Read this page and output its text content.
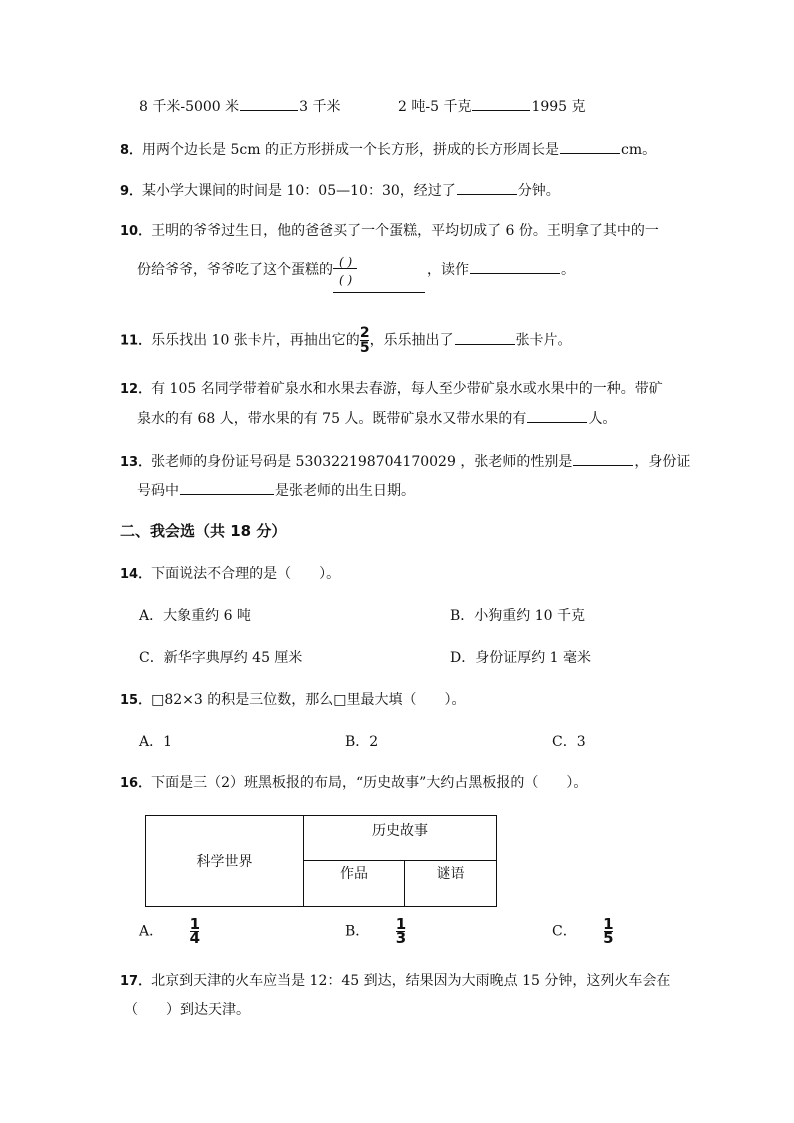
8 千米-5000 米	3 千米	2 吨-5 千克	1995 克
8．用两个边长是 5cm 的正方形拼成一个长方形，拼成的长方形周长是	cm。
9．某小学大课间的时间是 10：05—10：30，经过了	分钟。
10．王明的爷爷过生日，他的爸爸买了一个蛋糕，平均切成了 6 份。王明拿了其中的一
份给爷爷，爷爷吃了这个蛋糕的 ( )
( )
，读作	。
11．乐乐找出 10 张卡片，再抽出它的 $\frac{2}{5}$ ，乐乐抽出了	张卡片。
12．有 105 名同学带着矿泉水和水果去春游，每人至少带矿泉水或水果中的一种。带矿
泉水的有 68 人，带水果的有 75 人。既带矿泉水又带水果的有	人。
13．张老师的身份证号码是 530322198704170029 ，张老师的性别是	，身份证
号码中	是张老师的出生日期。
二、我会选（共 18 分）
14．下面说法不合理的是（　　）。
A．大象重约 6 吨	B．小狗重约 10 千克
C．新华字典厚约 45 厘米	D．身份证厚约 1 毫米
15．□82×3 的积是三位数，那么□里最大填（　　）。
A．1	B．2	C．3
16．下面是三（2）班黑板报的布局，“历史故事”大约占黑板报的（　　）。
科学世界	历史故事	
	作品	谜语
A． $\frac{1}{4}$	B． $\frac{1}{3}$	C． $\frac{1}{5}$
17．北京到天津的火车应当是 12：45 到达，结果因为大雨晚点 15 分钟，这列火车会在
（　　）到达天津。
